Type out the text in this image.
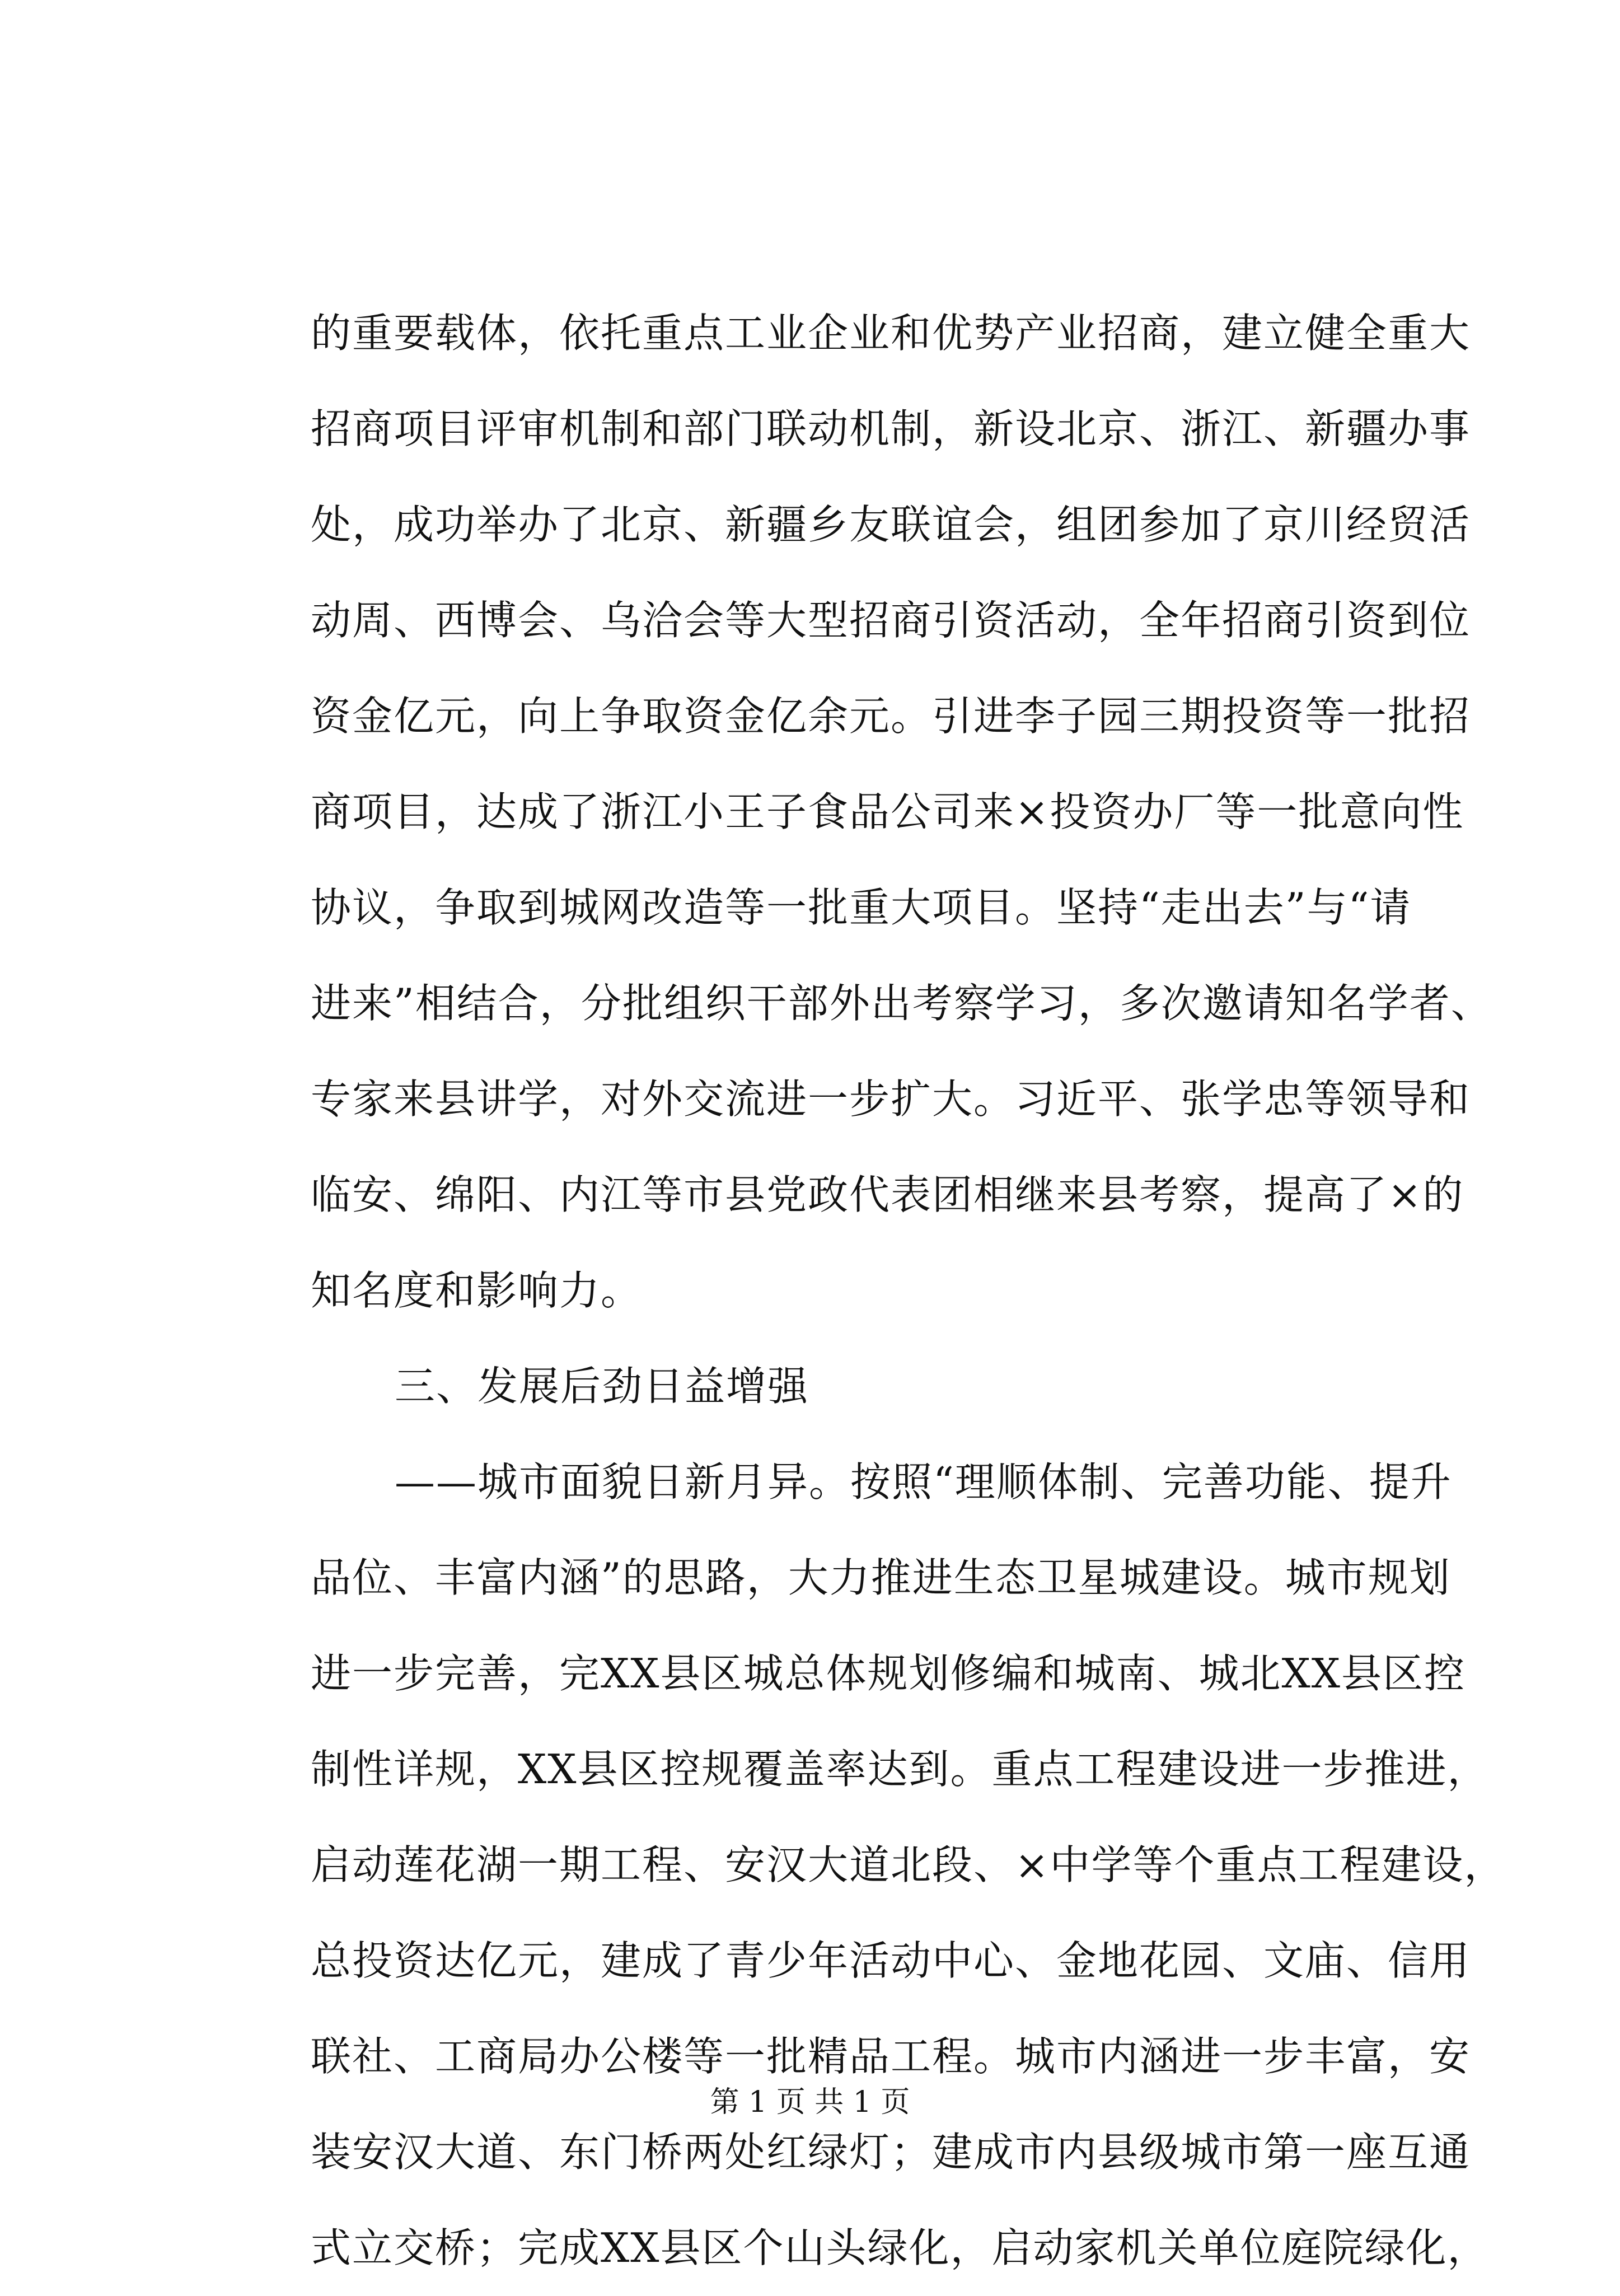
的重要载体，依托重点工业企业和优势产业招商，建立健全重大
招商项目评审机制和部门联动机制，新设北京、浙江、新疆办事
处，成功举办了北京、新疆乡友联谊会，组团参加了京川经贸活
动周、西博会、乌洽会等大型招商引资活动，全年招商引资到位
资金亿元，向上争取资金亿余元。引进李子园三期投资等一批招
商项目，达成了浙江小王子食品公司来×投资办厂等一批意向性
协议，争取到城网改造等一批重大项目。坚持“走出去”与“请
进来”相结合，分批组织干部外出考察学习，多次邀请知名学者、
专家来县讲学，对外交流进一步扩大。习近平、张学忠等领导和
临安、绵阳、内江等市县党政代表团相继来县考察，提高了×的
知名度和影响力。
三、发展后劲日益增强
——城市面貌日新月异。按照“理顺体制、完善功能、提升
品位、丰富内涵”的思路，大力推进生态卫星城建设。城市规划
进一步完善，完XX县区城总体规划修编和城南、城北XX县区控
制性详规，XX县区控规覆盖率达到。重点工程建设进一步推进，
启动莲花湖一期工程、安汉大道北段、×中学等个重点工程建设，
总投资达亿元，建成了青少年活动中心、金地花园、文庙、信用
联社、工商局办公楼等一批精品工程。城市内涵进一步丰富，安
装安汉大道、东门桥两处红绿灯；建成市内县级城市第一座互通
式立交桥；完成XX县区个山头绿化，启动家机关单位庭院绿化，
第 1 页 共 1 页
